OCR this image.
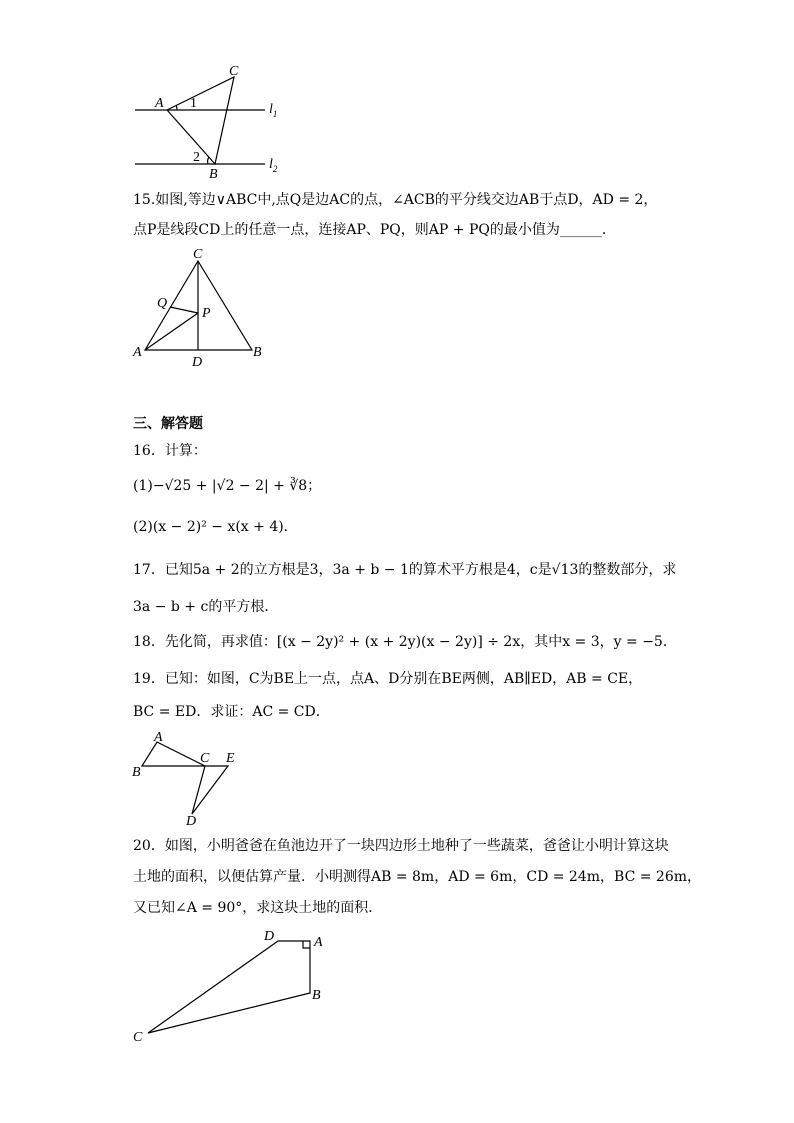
A
B
C
1
2
$l_1$
$l_2$
15.如图,等边∨ABC中,点Q是边AC的点，∠ACB的平分线交边AB于点D，AD = 2，
点P是线段CD上的任意一点，连接AP、PQ，则AP + PQ的最小值为______．
C
Q
P
A
D
B
三、解答题
16．计算：
(1)−√25 + |√2 − 2| + ∛8；
(2)(x − 2)² − x(x + 4)．
17．已知5a + 2的立方根是3，3a + b − 1的算术平方根是4，c是√13的整数部分，求
3a − b + c的平方根．
18．先化简，再求值：[(x − 2y)² + (x + 2y)(x − 2y)] ÷ 2x，其中x = 3，y = −5．
19．已知：如图，C为BE上一点，点A、D分别在BE两侧，AB∥ED，AB = CE，
BC = ED．求证：AC = CD．
A
B
C E
D
20．如图，小明爸爸在鱼池边开了一块四边形土地种了一些蔬菜，爸爸让小明计算这块
土地的面积，以便估算产量．小明测得AB = 8m，AD = 6m，CD = 24m，BC = 26m，
又已知∠A = 90°，求这块土地的面积．
D	A
B
C
